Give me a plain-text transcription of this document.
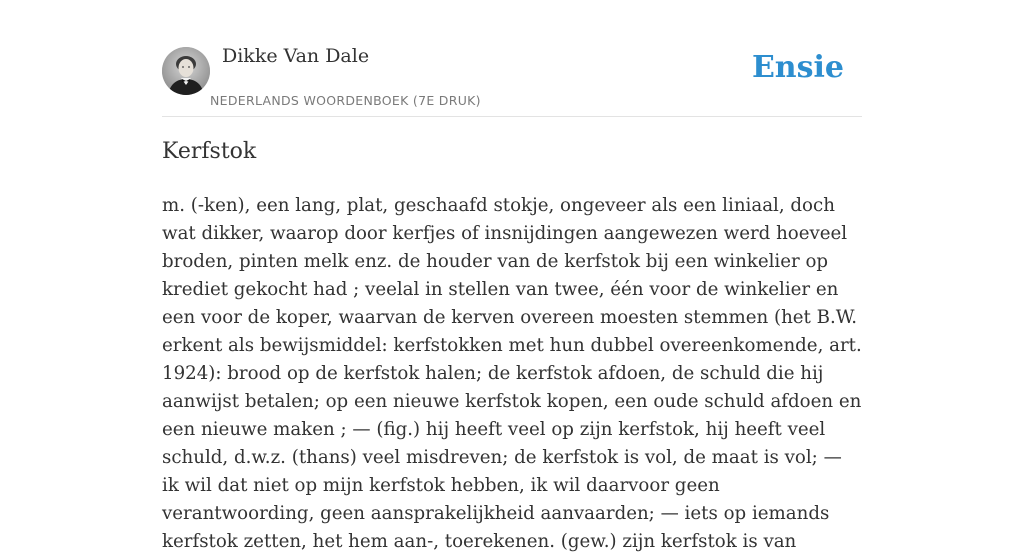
Dikke Van Dale
NEDERLANDS WOORDENBOEK (7E DRUK)
Ensie
Kerfstok

m. (-ken), een lang, plat, geschaafd stokje, ongeveer als een liniaal, doch wat dikker, waarop door kerfjes of insnijdingen aangewezen werd hoeveel broden, pinten melk enz. de houder van de kerfstok bij een winkelier op krediet gekocht had ; veelal in stellen van twee, één voor de winkelier en een voor de koper, waarvan de kerven overeen moesten stemmen (het B.W. erkent als bewijsmiddel: kerfstokken met hun dubbel overeenkomende, art. 1924): brood op de kerfstok halen; de kerfstok afdoen, de schuld die hij aanwijst betalen; op een nieuwe kerfstok kopen, een oude schuld afdoen en een nieuwe maken ; — (fig.) hij heeft veel op zijn kerfstok, hij heeft veel schuld, d.w.z. (thans) veel misdreven; de kerfstok is vol, de maat is vol; — ik wil dat niet op mijn kerfstok hebben, ik wil daarvoor geen verantwoording, geen aansprakelijkheid aanvaarden; — iets op iemands kerfstok zetten, het hem aan-, toerekenen. (gew.) zijn kerfstok is van
